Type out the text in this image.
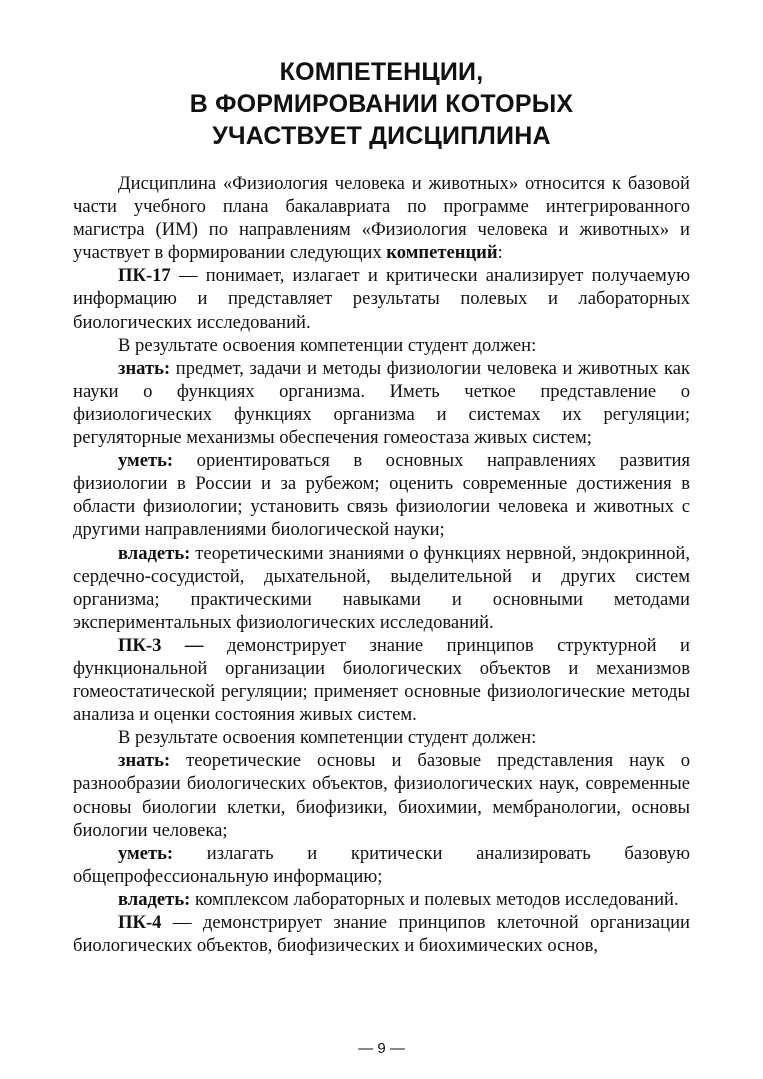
КОМПЕТЕНЦИИ,
В ФОРМИРОВАНИИ КОТОРЫХ
УЧАСТВУЕТ ДИСЦИПЛИНА

Дисциплина «Физиология человека и животных» относится к базовой части учебного плана бакалавриата по программе интегрированного магистра (ИМ) по направлениям «Физиология человека и животных» и участвует в формировании следующих компетенций:

ПК-17 — понимает, излагает и критически анализирует получаемую информацию и представляет результаты полевых и лабораторных биологических исследований.

В результате освоения компетенции студент должен:

знать: предмет, задачи и методы физиологии человека и животных как науки о функциях организма. Иметь четкое представление о физиологических функциях организма и системах их регуляции; регуляторные механизмы обеспечения гомеостаза живых систем;

уметь: ориентироваться в основных направлениях развития физиологии в России и за рубежом; оценить современные достижения в области физиологии; установить связь физиологии человека и животных с другими направлениями биологической науки;

владеть: теоретическими знаниями о функциях нервной, эндокринной, сердечно-сосудистой, дыхательной, выделительной и других систем организма; практическими навыками и основными методами экспериментальных физиологических исследований.

ПК-3 — демонстрирует знание принципов структурной и функциональной организации биологических объектов и механизмов гомеостатической регуляции; применяет основные физиологические методы анализа и оценки состояния живых систем.

В результате освоения компетенции студент должен:

знать: теоретические основы и базовые представления наук о разнообразии биологических объектов, физиологических наук, современные основы биологии клетки, биофизики, биохимии, мембранологии, основы биологии человека;

уметь: излагать и критически анализировать базовую общепрофессиональную информацию;

владеть: комплексом лабораторных и полевых методов исследований.

ПК-4 — демонстрирует знание принципов клеточной организации биологических объектов, биофизических и биохимических основ,

— 9 —
